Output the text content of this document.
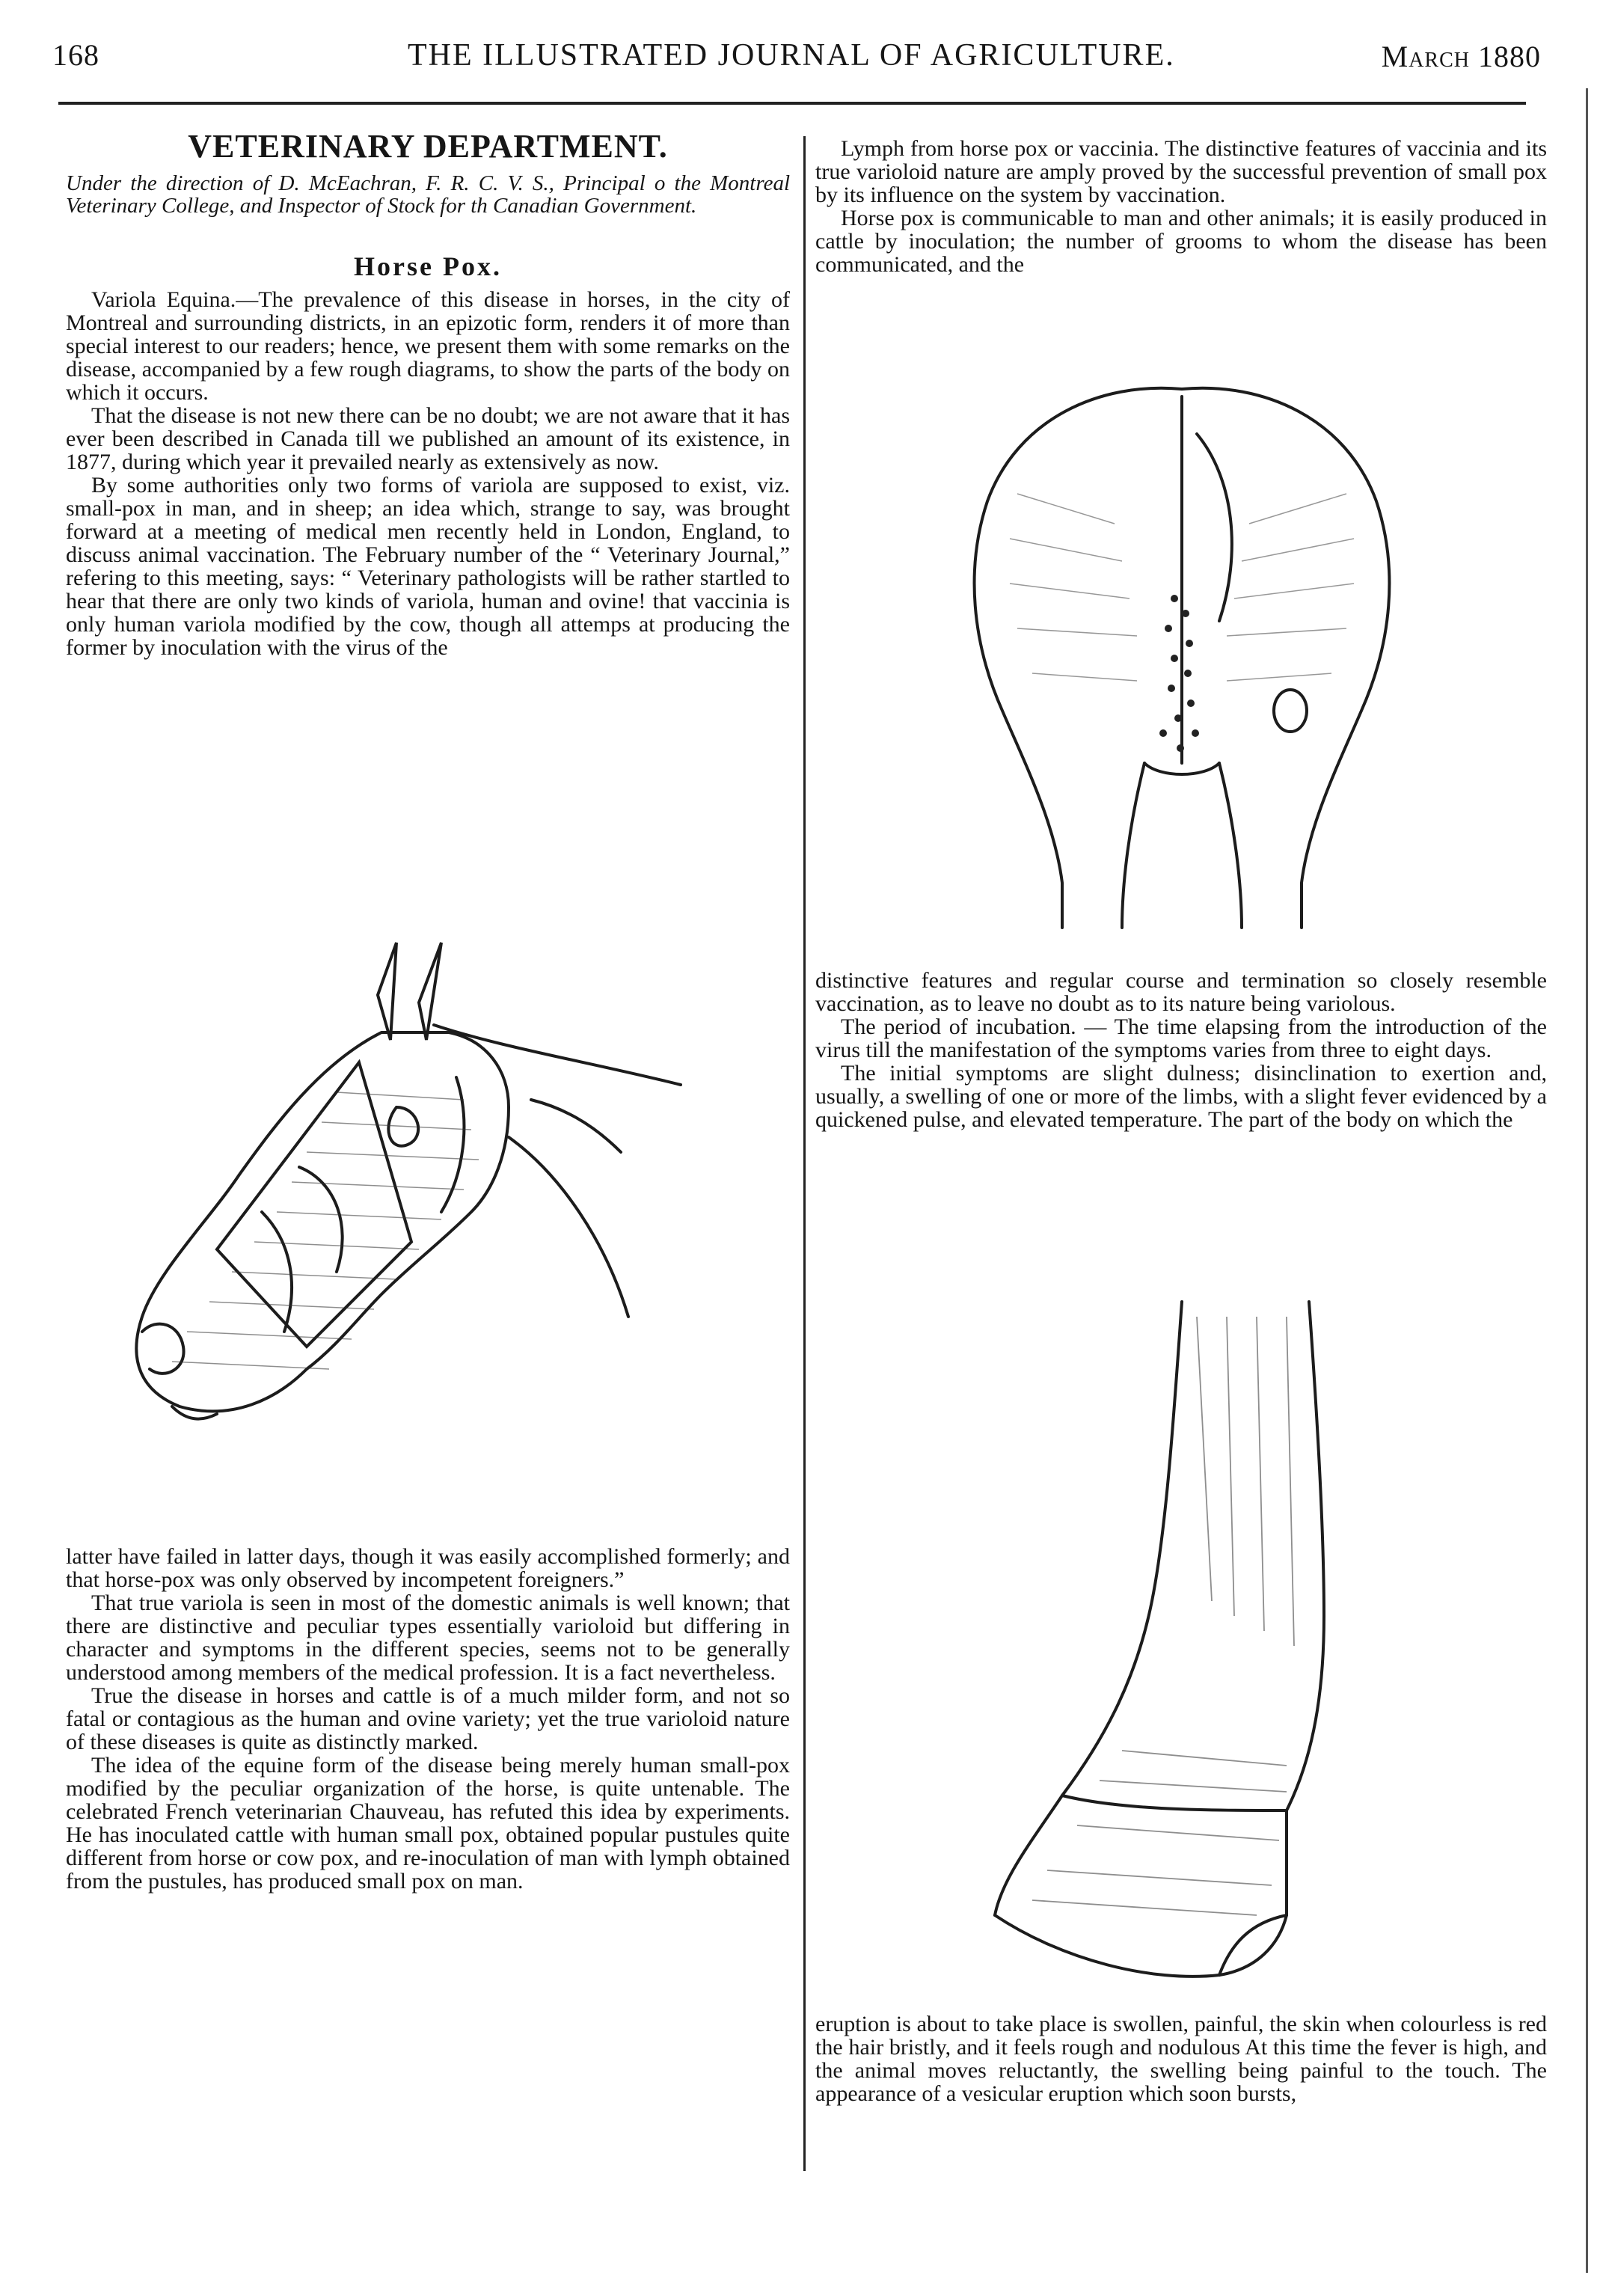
168	THE ILLUSTRATED JOURNAL OF AGRICULTURE.	March 1880
VETERINARY DEPARTMENT.
Under the direction of D. McEachran, F. R. C. V. S., Principal o the Montreal Veterinary College, and Inspector of Stock for th Canadian Government.
Horse Pox.

Variola Equina.—The prevalence of this disease in horses, in the city of Montreal and surrounding districts, in an epizotic form, renders it of more than special interest to our readers; hence, we present them with some remarks on the disease, accompanied by a few rough diagrams, to show the parts of the body on which it occurs.

That the disease is not new there can be no doubt; we are not aware that it has ever been described in Canada till we published an amount of its existence, in 1877, during which year it prevailed nearly as extensively as now.

By some authorities only two forms of variola are supposed to exist, viz. small-pox in man, and in sheep; an idea which, strange to say, was brought forward at a meeting of medical men recently held in London, England, to discuss animal vaccination. The February number of the “ Veterinary Journal,” refering to this meeting, says: “ Veterinary pathologists will be rather startled to hear that there are only two kinds of variola, human and ovine! that vaccinia is only human variola modified by the cow, though all attemps at producing the former by inoculation with the virus of the

latter have failed in latter days, though it was easily accomplished formerly; and that horse-pox was only observed by incompetent foreigners.”

That true variola is seen in most of the domestic animals is well known; that there are distinctive and peculiar types essentially varioloid but differing in character and symptoms in the different species, seems not to be generally understood among members of the medical profession. It is a fact nevertheless.

True the disease in horses and cattle is of a much milder form, and not so fatal or contagious as the human and ovine variety; yet the true varioloid nature of these diseases is quite as distinctly marked.

The idea of the equine form of the disease being merely human small-pox modified by the peculiar organization of the horse, is quite untenable. The celebrated French veterinarian Chauveau, has refuted this idea by experiments. He has inoculated cattle with human small pox, obtained popular pustules quite different from horse or cow pox, and re-inoculation of man with lymph obtained from the pustules, has produced small pox on man.

Lymph from horse pox or vaccinia. The distinctive features of vaccinia and its true varioloid nature are amply proved by the successful prevention of small pox by its influence on the system by vaccination.

Horse pox is communicable to man and other animals; it is easily produced in cattle by inoculation; the number of grooms to whom the disease has been communicated, and the

distinctive features and regular course and termination so closely resemble vaccination, as to leave no doubt as to its nature being variolous.

The period of incubation. — The time elapsing from the introduction of the virus till the manifestation of the symptoms varies from three to eight days.

The initial symptoms are slight dulness; disinclination to exertion and, usually, a swelling of one or more of the limbs, with a slight fever evidenced by a quickened pulse, and elevated temperature. The part of the body on which the

eruption is about to take place is swollen, painful, the skin when colourless is red the hair bristly, and it feels rough and nodulous At this time the fever is high, and the animal moves reluctantly, the swelling being painful to the touch. The appearance of a vesicular eruption which soon bursts,
